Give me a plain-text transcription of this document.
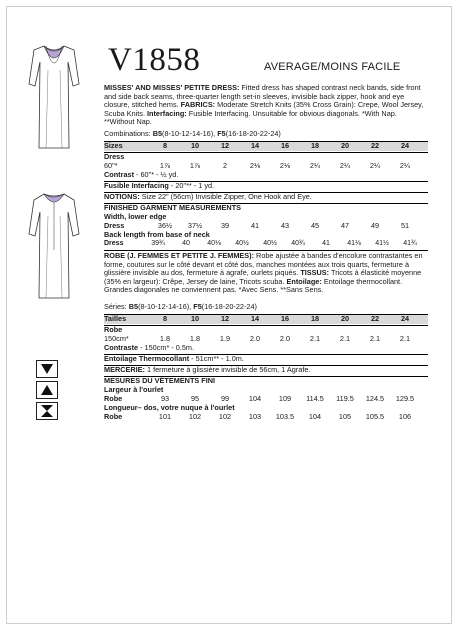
V1858	AVERAGE/MOINS FACILE

MISSES' AND MISSES' PETITE DRESS: Fitted dress has shaped contrast neck bands, side front and side back seams, three-quarter length set-in sleeves, invisible back zipper, hook and eye closure, stitched hems. FABRICS: Moderate Stretch Knits (35% Cross Grain): Crepe, Wool Jersey, Scuba Knits. Interfacing: Fusible Interfacing. Unsuitable for obvious diagonals. *With Nap. **Without Nap.

Combinations: B5(8-10-12-14-16), F5(16-18-20-22-24)
Sizes	8	10	12	14	16	18	20	22	24
Dress
60"*	1⅞	1⅞	2	2⅛	2⅛	2¼	2¼	2¼	2¼
Contrast - 60"* - ½ yd.
Fusible Interfacing - 20"** - 1 yd.
NOTIONS: Size 22" (56cm) Invisible Zipper, One Hook and Eye.
FINISHED GARMENT MEASUREMENTS
Width, lower edge
Dress	36½	37½	39	41	43	45	47	49	51
Back length from base of neck
Dress	39¾	40	40⅛	40½	40½	40¾	41	41⅛	41½	41¾

ROBE (J. FEMMES ET PETITE J. FEMMES): Robe ajustée à bandes d'encolure contrastantes en forme, coutures sur le côté devant et côté dos, manches montées aux trois quarts, fermeture à glissière invisible au dos, fermeture à agrafe, ourlets piqués. TISSUS: Tricots à élasticité moyenne (35% en largeur): Crêpe, Jersey de laine, Tricots scuba. Entoilage: Entoilage thermocollant. Grandes diagonales ne conviennent pas. *Avec Sens. **Sans Sens.

Séries: B5(8-10-12-14-16), F5(16-18-20-22-24)
Tailles	8	10	12	14	16	18	20	22	24
Robe
150cm*	1.8	1.8	1.9	2.0	2.0	2.1	2.1	2.1	2.1
Contraste - 150cm* - 0.5m.
Entoilage Thermocollant - 51cm** - 1.0m.
MERCERIE: 1 fermeture à glissière invisible de 56cm, 1 Agrafe.
MESURES DU VÊTEMENTS FINI
Largeur à l'ourlet
Robe	93	95	99	104	109	114.5	119.5	124.5	129.5
Longueur– dos, votre nuque à l'ourlet
Robe	101	102	102	103	103.5	104	105	105.5	106
